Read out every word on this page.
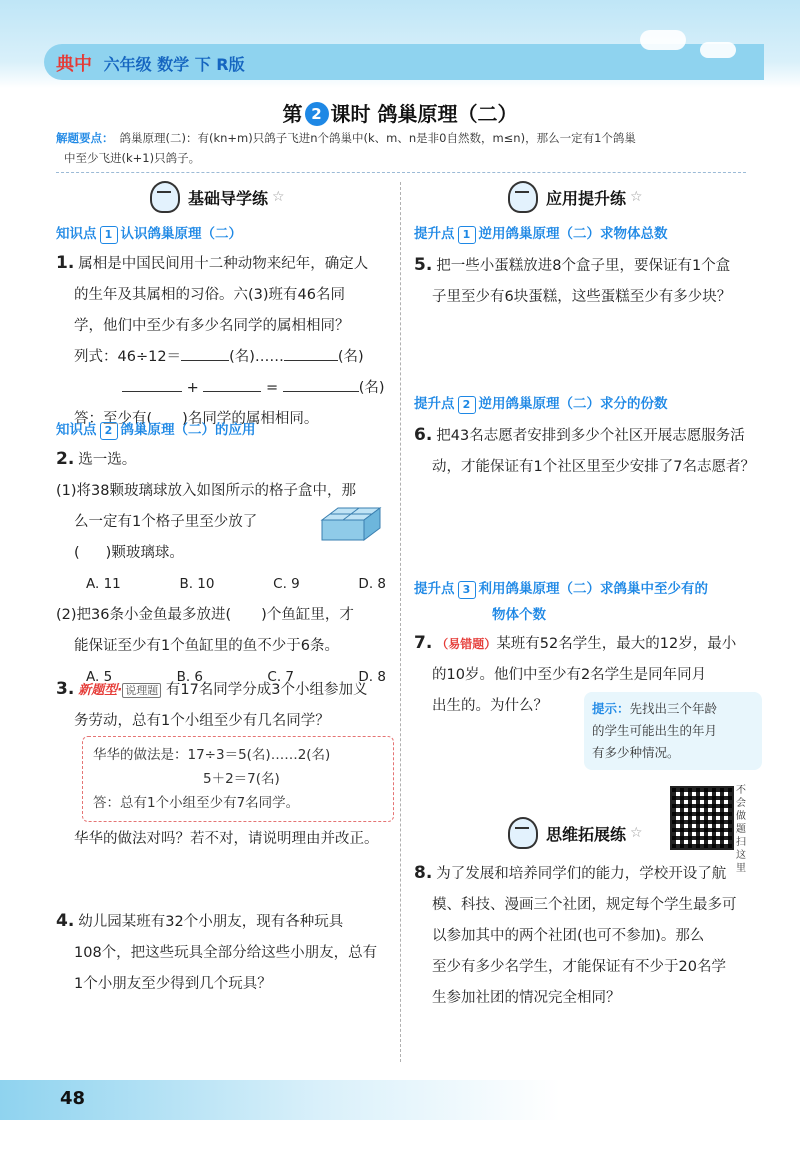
典中 六年级 数学 下 R版
第 2 课时 鸽巢原理（二）
解题要点： 鸽巢原理(二)：有(kn+m)只鸽子飞进n个鸽巢中(k、m、n是非0自然数，m≤n)，那么一定有1个鸽巢
中至少飞进(k+1)只鸽子。
基础导学练 ☆
知识点 1 认识鸽巢原理（二）
1. 属相是中国民间用十二种动物来纪年，确定人
的生年及其属相的习俗。六(3)班有46名同
学，他们中至少有多少名同学的属相相同？
列式：46÷12＝	(名)……	(名)
+	=	(名)
答：至少有( )名同学的属相相同。
知识点 2 鸽巢原理（二）的应用
2. 选一选。
(1)将38颗玻璃球放入如图所示的格子盒中，那
么一定有1个格子里至少放了
( )颗玻璃球。
A. 11	B. 10	C. 9	D. 8
(2)把36条小金鱼最多放进( )个鱼缸里，才
能保证至少有1个鱼缸里的鱼不少于6条。
A. 5	B. 6	C. 7	D. 8
3. 新题型· 说理题 有17名同学分成3个小组参加义
务劳动，总有1个小组至少有几名同学？
华华的做法是：17÷3＝5(名)……2(名)
5＋2＝7(名)
答：总有1个小组至少有7名同学。
华华的做法对吗？若不对，请说明理由并改正。
4. 幼儿园某班有32个小朋友，现有各种玩具
108个，把这些玩具全部分给这些小朋友，总有
1个小朋友至少得到几个玩具？
应用提升练 ☆
提升点 1 逆用鸽巢原理（二）求物体总数
5. 把一些小蛋糕放进8个盒子里，要保证有1个盒
子里至少有6块蛋糕，这些蛋糕至少有多少块？
提升点 2 逆用鸽巢原理（二）求分的份数
6. 把43名志愿者安排到多少个社区开展志愿服务活
动，才能保证有1个社区里至少安排了7名志愿者？
提升点 3 利用鸽巢原理（二）求鸽巢中至少有的
物体个数
7. （易错题）某班有52名学生，最大的12岁，最小
的10岁。他们中至少有2名学生是同年同月
出生的。为什么？	提示：先找出三个年龄
的学生可能出生的年月
有多少种情况。
不会做题扫这里
思维拓展练 ☆
8. 为了发展和培养同学们的能力，学校开设了航
模、科技、漫画三个社团，规定每个学生最多可
以参加其中的两个社团(也可不参加)。那么
至少有多少名学生，才能保证有不少于20名学
生参加社团的情况完全相同？
48
